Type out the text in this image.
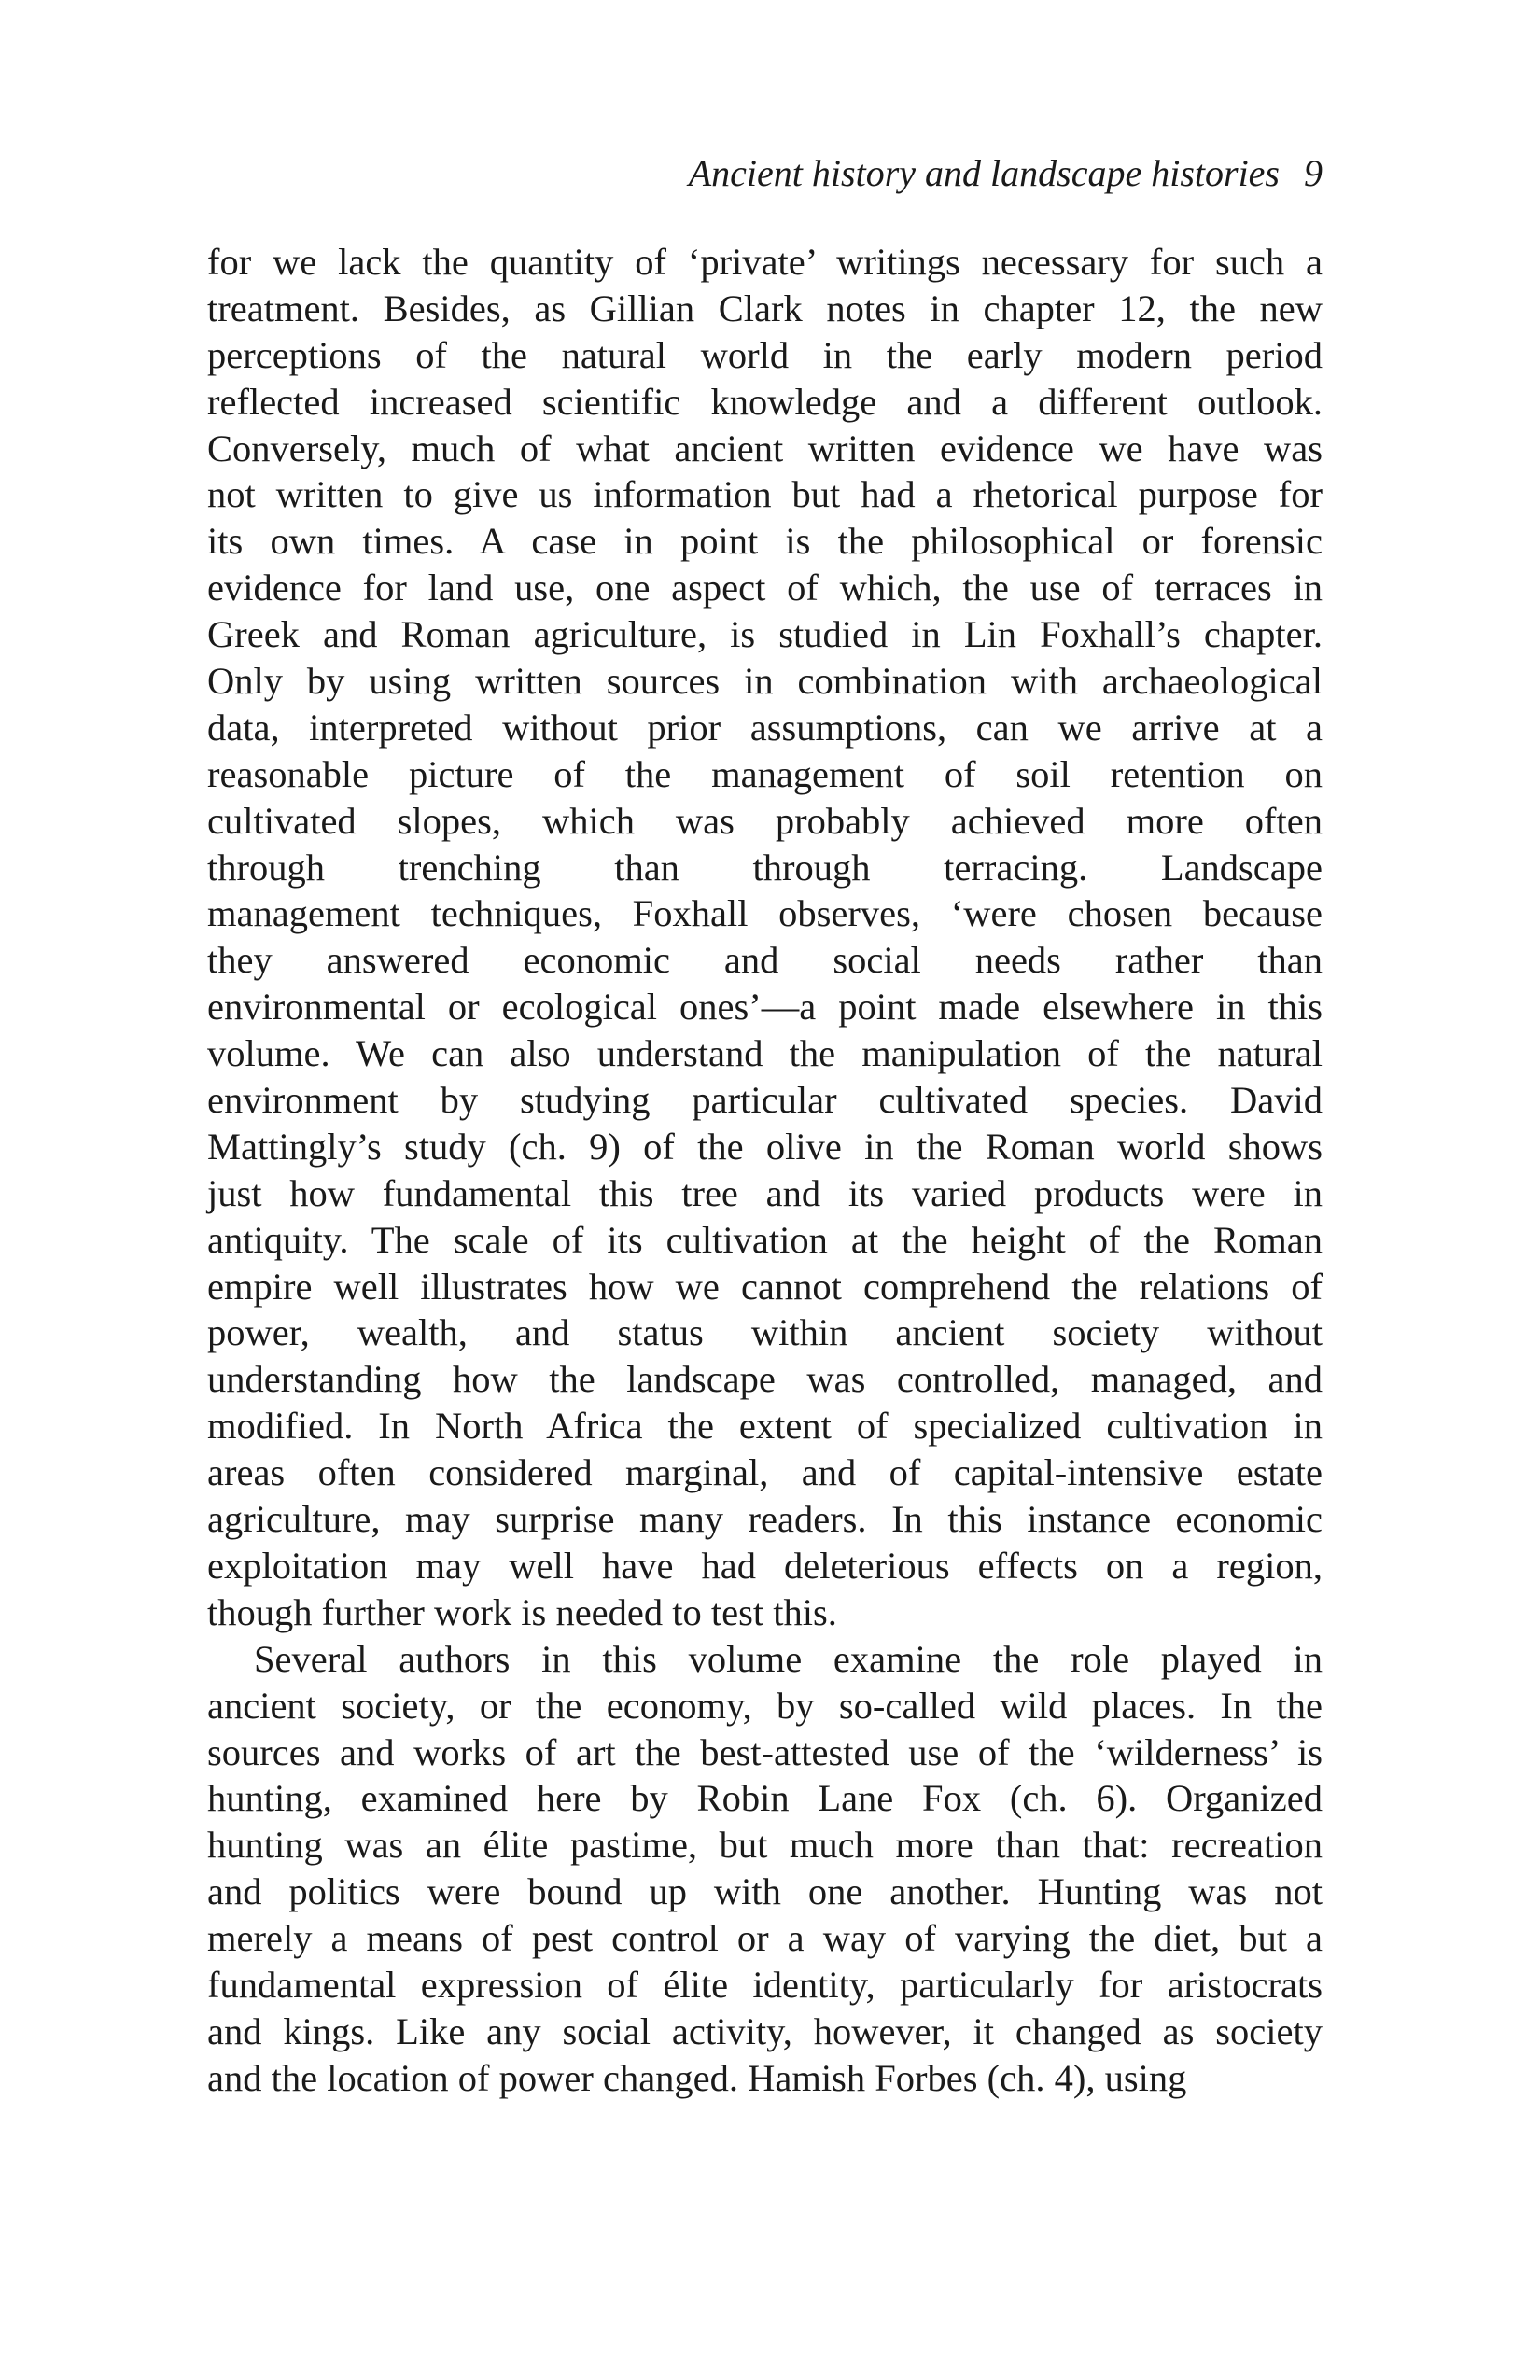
Ancient history and landscape histories 9
for we lack the quantity of ‘private’ writings necessary for such a
treatment. Besides, as Gillian Clark notes in chapter 12, the new
perceptions of the natural world in the early modern period
reflected increased scientific knowledge and a different outlook.
Conversely, much of what ancient written evidence we have was
not written to give us information but had a rhetorical purpose for
its own times. A case in point is the philosophical or forensic
evidence for land use, one aspect of which, the use of terraces in
Greek and Roman agriculture, is studied in Lin Foxhall’s chapter.
Only by using written sources in combination with archaeological
data, interpreted without prior assumptions, can we arrive at a
reasonable picture of the management of soil retention on
cultivated slopes, which was probably achieved more often
through trenching than through terracing. Landscape
management techniques, Foxhall observes, ‘were chosen because
they answered economic and social needs rather than
environmental or ecological ones’—a point made elsewhere in this
volume. We can also understand the manipulation of the natural
environment by studying particular cultivated species. David
Mattingly’s study (ch. 9) of the olive in the Roman world shows
just how fundamental this tree and its varied products were in
antiquity. The scale of its cultivation at the height of the Roman
empire well illustrates how we cannot comprehend the relations of
power, wealth, and status within ancient society without
understanding how the landscape was controlled, managed, and
modified. In North Africa the extent of specialized cultivation in
areas often considered marginal, and of capital-intensive estate
agriculture, may surprise many readers. In this instance economic
exploitation may well have had deleterious effects on a region,
though further work is needed to test this.
Several authors in this volume examine the role played in
ancient society, or the economy, by so-called wild places. In the
sources and works of art the best-attested use of the ‘wilderness’ is
hunting, examined here by Robin Lane Fox (ch. 6). Organized
hunting was an élite pastime, but much more than that: recreation
and politics were bound up with one another. Hunting was not
merely a means of pest control or a way of varying the diet, but a
fundamental expression of élite identity, particularly for aristocrats
and kings. Like any social activity, however, it changed as society
and the location of power changed. Hamish Forbes (ch. 4), using
